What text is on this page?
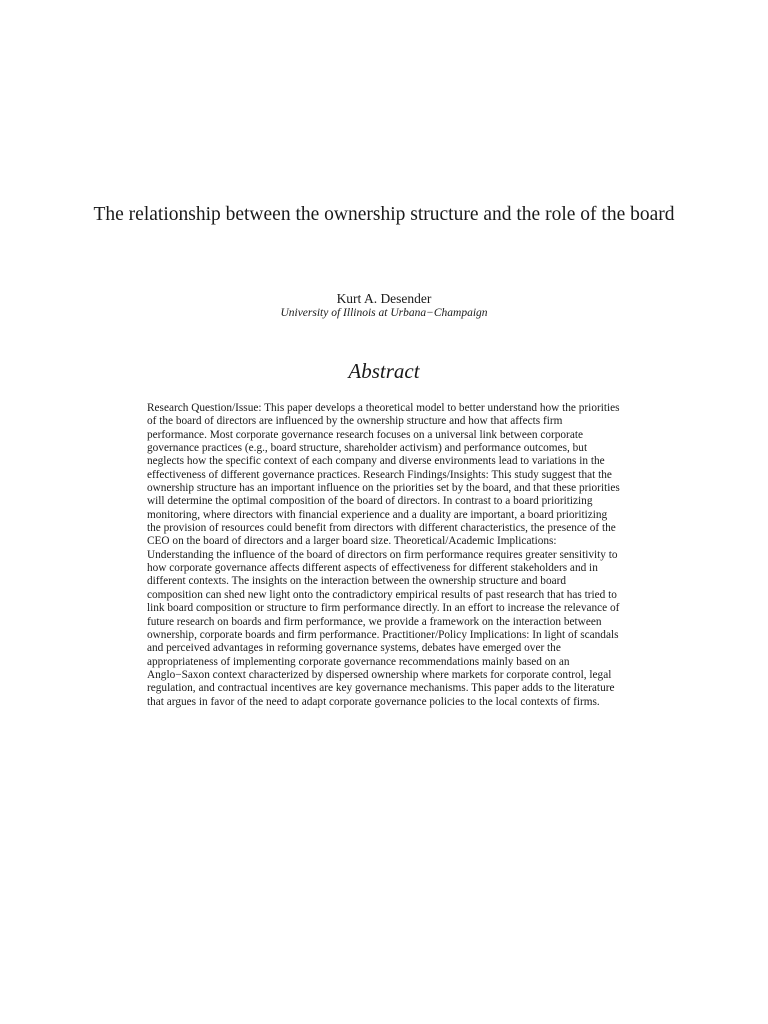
The relationship between the ownership structure and the role of the board
Kurt A. Desender
University of Illinois at Urbana−Champaign
Abstract

Research Question/Issue: This paper develops a theoretical model to better understand how the priorities of the board of directors are influenced by the ownership structure and how that affects firm performance. Most corporate governance research focuses on a universal link between corporate governance practices (e.g., board structure, shareholder activism) and performance outcomes, but neglects how the specific context of each company and diverse environments lead to variations in the effectiveness of different governance practices. Research Findings/Insights: This study suggest that the ownership structure has an important influence on the priorities set by the board, and that these priorities will determine the optimal composition of the board of directors. In contrast to a board prioritizing monitoring, where directors with financial experience and a duality are important, a board prioritizing the provision of resources could benefit from directors with different characteristics, the presence of the CEO on the board of directors and a larger board size. Theoretical/Academic Implications: Understanding the influence of the board of directors on firm performance requires greater sensitivity to how corporate governance affects different aspects of effectiveness for different stakeholders and in different contexts. The insights on the interaction between the ownership structure and board composition can shed new light onto the contradictory empirical results of past research that has tried to link board composition or structure to firm performance directly. In an effort to increase the relevance of future research on boards and firm performance, we provide a framework on the interaction between ownership, corporate boards and firm performance. Practitioner/Policy Implications: In light of scandals and perceived advantages in reforming governance systems, debates have emerged over the appropriateness of implementing corporate governance recommendations mainly based on an Anglo−Saxon context characterized by dispersed ownership where markets for corporate control, legal regulation, and contractual incentives are key governance mechanisms. This paper adds to the literature that argues in favor of the need to adapt corporate governance policies to the local contexts of firms.
